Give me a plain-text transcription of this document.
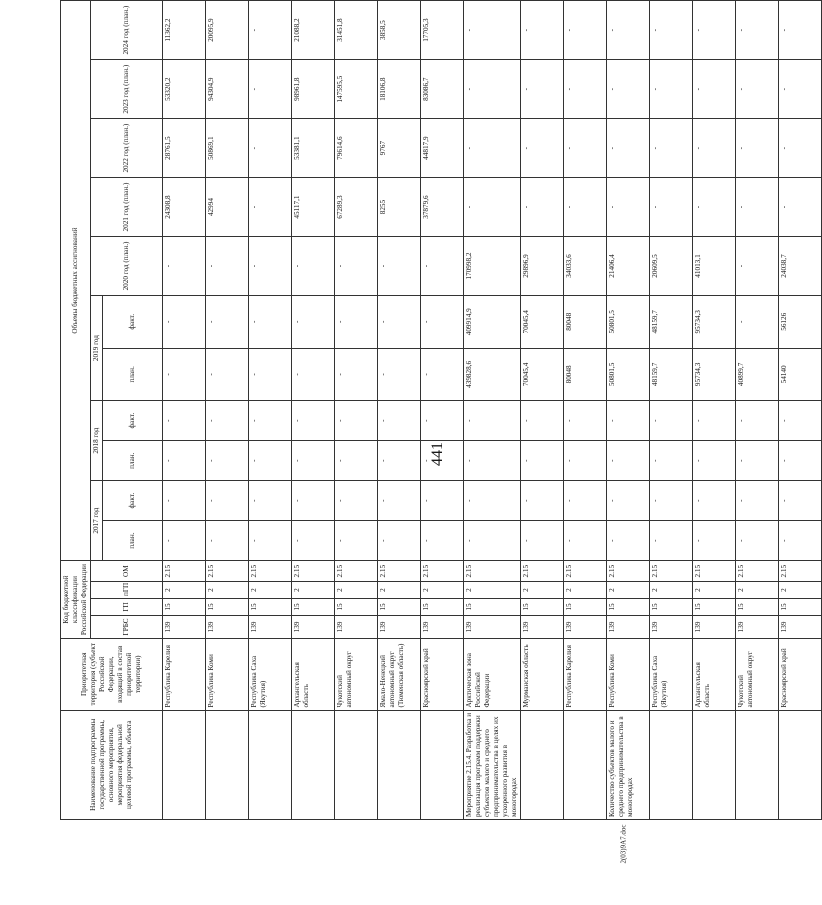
441
2(03)9А7.doc
Наименование подпрограммы государственной программы, основного мероприятия, мероприятия федеральной целевой программы, объекта	Приоритетная территория (субъект Российской Федерации, входящий в состав приоритетной территории)	Код бюджетной классификации Российской Федерации				Объемы бюджетных ассигнований										
		ГРБС	ГП	пГП	ОМ	2017 год		2018 год		2019 год		2020 год (план.)	2021 год (план.)	2022 год (план.)	2023 год (план.)	2024 год (план.)
						план.	факт.	план.	факт.	план.	факт.					
	Республика Карелия	139	15	2	2.15	-	-	-	-	-	-	-	24308,8	28761,5	53320,2	11362,2
	Республика Коми	139	15	2	2.15	-	-	-	-	-	-	-	42994	50869,1	94304,9	20095,9
	Республика Саха (Якутия)	139	15	2	2.15	-	-	-	-	-	-	-	-	-	-	-
	Архангельская область	139	15	2	2.15	-	-	-	-	-	-	-	45117,1	53381,1	98961,8	21088,2
	Чукотский автономный округ	139	15	2	2.15	-	-	-	-	-	-	-	67289,3	79614,6	147595,5	31451,8
	Ямало-Ненецкий автономный округ (Тюменская область)	139	15	2	2.15	-	-	-	-	-	-	-	8255	9767	18106,8	3858,5
	Красноярский край	139	15	2	2.15	-	-	-	-	-	-	-	37879,6	44817,9	83086,7	17705,3
Мероприятие 2.15.4. Разработка и реализация программ поддержки субъектов малого и среднего предпринимательства в целях их ускоренного развития в моногородах	Арктическая зона Российской Федерации	139	15	2	2.15	-	-	-	-	439828,6	409914,9	170998,2	-	-	-	-
	Мурманская область	139	15	2	2.15	-	-	-	-	70045,4	70045,4	29896,9	-	-	-	-
	Республика Карелия	139	15	2	2.15	-	-	-	-	80048	80048	34033,6	-	-	-	-
Количество субъектов малого и среднего предпринимательства в моногородах	Республика Коми	139	15	2	2.15	-	-	-	-	50801,5	50801,5	21406,4	-	-	-	-
	Республика Саха (Якутия)	139	15	2	2.15	-	-	-	-	48159,7	48159,7	20609,5	-	-	-	-
	Архангельская область	139	15	2	2.15	-	-	-	-	95734,3	95734,3	41013,1	-	-	-	-
	Чукотский автономный округ	139	15	2	2.15	-	-	-	-	40899,7	-	-	-	-	-	-
	Красноярский край	139	15	2	2.15	-	-	-	-	54140	56126	24038,7	-	-	-	-
